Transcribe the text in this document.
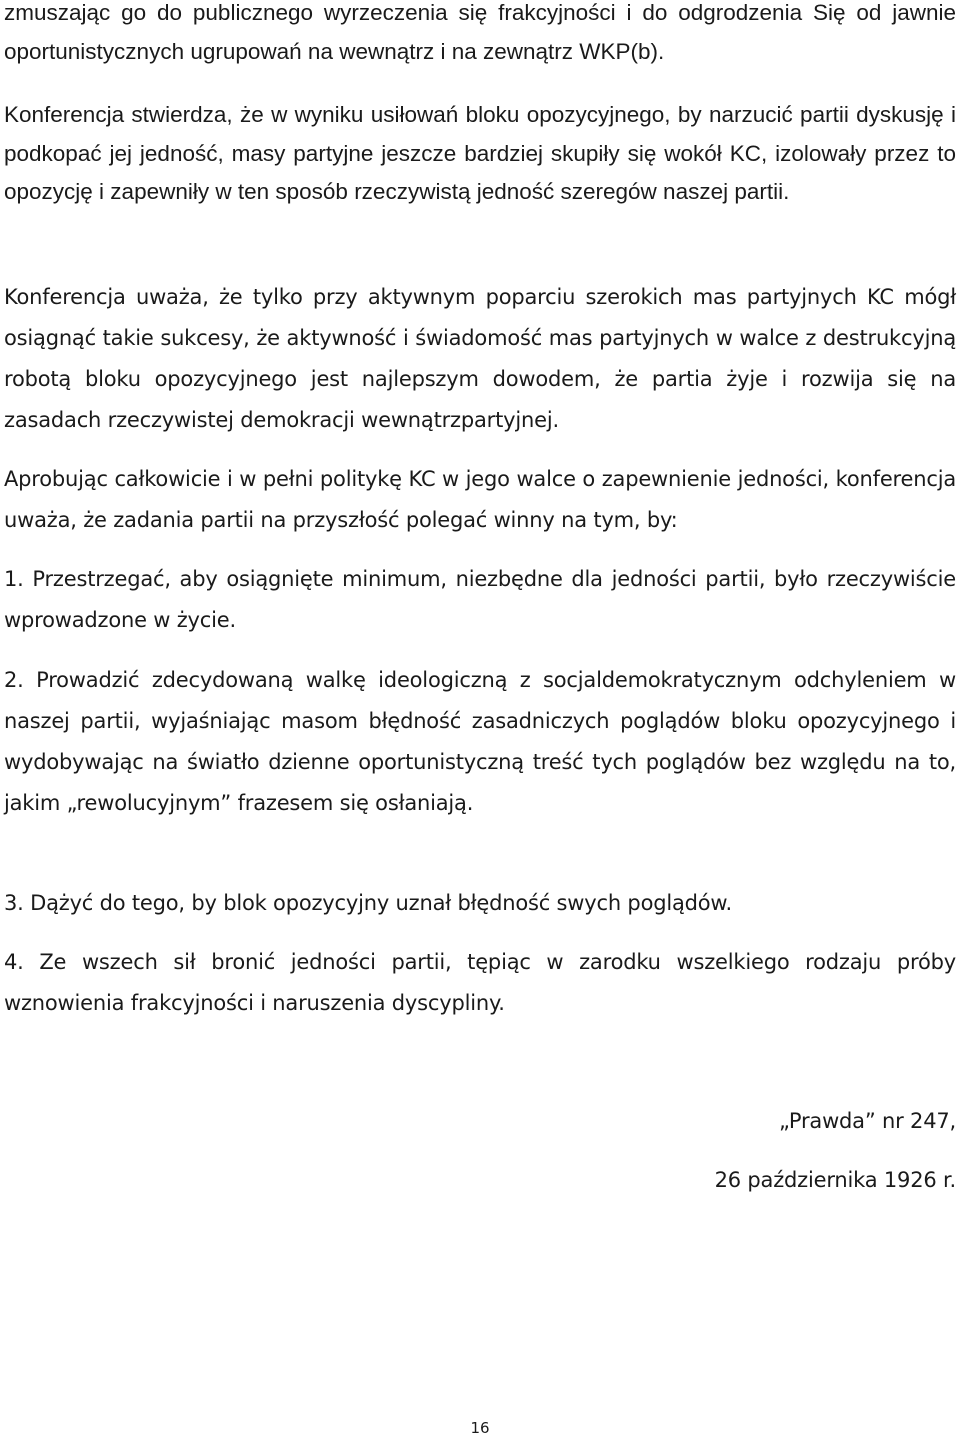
zmuszając go do publicznego wyrzeczenia się frakcyjności i do odgrodzenia Się od jawnie oportunistycznych ugrupowań na wewnątrz i na zewnątrz WKP(b).

Konferencja stwierdza, że w wyniku usiłowań bloku opozycyjnego, by narzucić partii dyskusję i podkopać jej jedność, masy partyjne jeszcze bardziej skupiły się wokół KC, izolowały przez to opozycję i zapewniły w ten sposób rzeczywistą jedność szeregów naszej partii.

Konferencja uważa, że tylko przy aktywnym poparciu szerokich mas partyjnych KC mógł osiągnąć takie sukcesy, że aktywność i świadomość mas partyjnych w walce z destrukcyjną robotą bloku opozycyjnego jest najlepszym dowodem, że partia żyje i rozwija się na zasadach rzeczywistej demokracji wewnątrzpartyjnej.

Aprobując całkowicie i w pełni politykę KC w jego walce o zapewnienie jedności, konferencja uważa, że zadania partii na przyszłość polegać winny na tym, by:

1. Przestrzegać, aby osiągnięte minimum, niezbędne dla jedności partii, było rzeczywiście wprowadzone w życie.

2. Prowadzić zdecydowaną walkę ideologiczną z socjaldemokratycznym odchyleniem w naszej partii, wyjaśniając masom błędność zasadniczych poglądów bloku opozycyjnego i wydobywając na światło dzienne oportunistyczną treść tych poglądów bez względu na to, jakim „rewolucyjnym” frazesem się osłaniają.

3. Dążyć do tego, by blok opozycyjny uznał błędność swych poglądów.

4. Ze wszech sił bronić jedności partii, tępiąc w zarodku wszelkiego rodzaju próby wznowienia frakcyjności i naruszenia dyscypliny.

„Prawda” nr 247,

26 października 1926 r.

16
